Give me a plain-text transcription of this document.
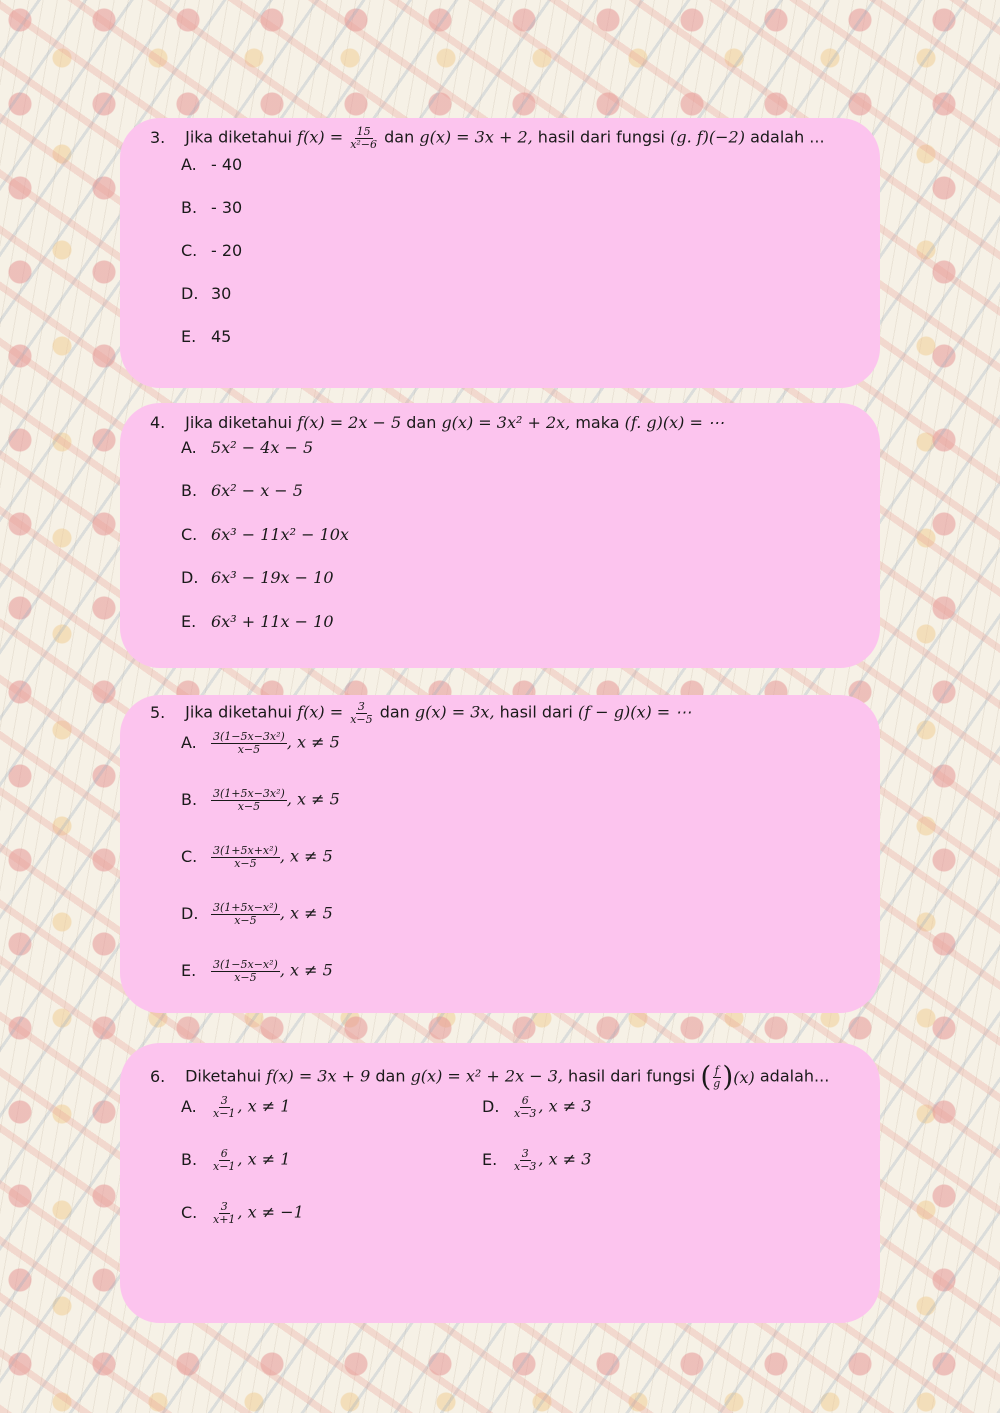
3. Jika diketahui $f(x) = \frac{15}{\text{x²−6}}$ dan g(x) = 3x + 2, hasil dari fungsi (g. f)(−2) adalah ...
A. - 40
B. - 30
C. - 20
D. 30
E. 45
4. Jika diketahui f(x) = 2x − 5 dan g(x) = 3x² + 2x, maka (f. g)(x) = ⋯
A. 5x² − 4x − 5
B. 6x² − x − 5
C. 6x³ − 11x² − 10x
D. 6x³ − 19x − 10
E. 6x³ + 11x − 10
5. Jika diketahui $f(x) = \frac{3}{x-5}$ dan g(x) = 3x, hasil dari (f − g)(x) = ⋯
A. $\frac{\text{3(1−5x−3x²)}}{x-5}$ , x ≠ 5
B. $\frac{\text{3(1+5x−3x²)}}{x-5}$ , x ≠ 5
C. $\frac{\text{3(1+5x+x²)}}{x-5}$ , x ≠ 5
D. $\frac{\text{3(1+5x−x²)}}{x-5}$ , x ≠ 5
E. $\frac{\text{3(1−5x−x²)}}{x-5}$ , x ≠ 5
6. Diketahui f(x) = 3x + 9 dan g(x) = x² + 2x − 3, hasil dari fungsi ( $\frac{f}{g}$ ) (x) adalah...
A. $\frac{3}{x-1}$ , x ≠ 1
B. $\frac{6}{x-1}$ , x ≠ 1
C. $\frac{3}{x+1}$ , x ≠ −1
D. $\frac{6}{x-3}$ , x ≠ 3
E. $\frac{3}{x-3}$ , x ≠ 3
